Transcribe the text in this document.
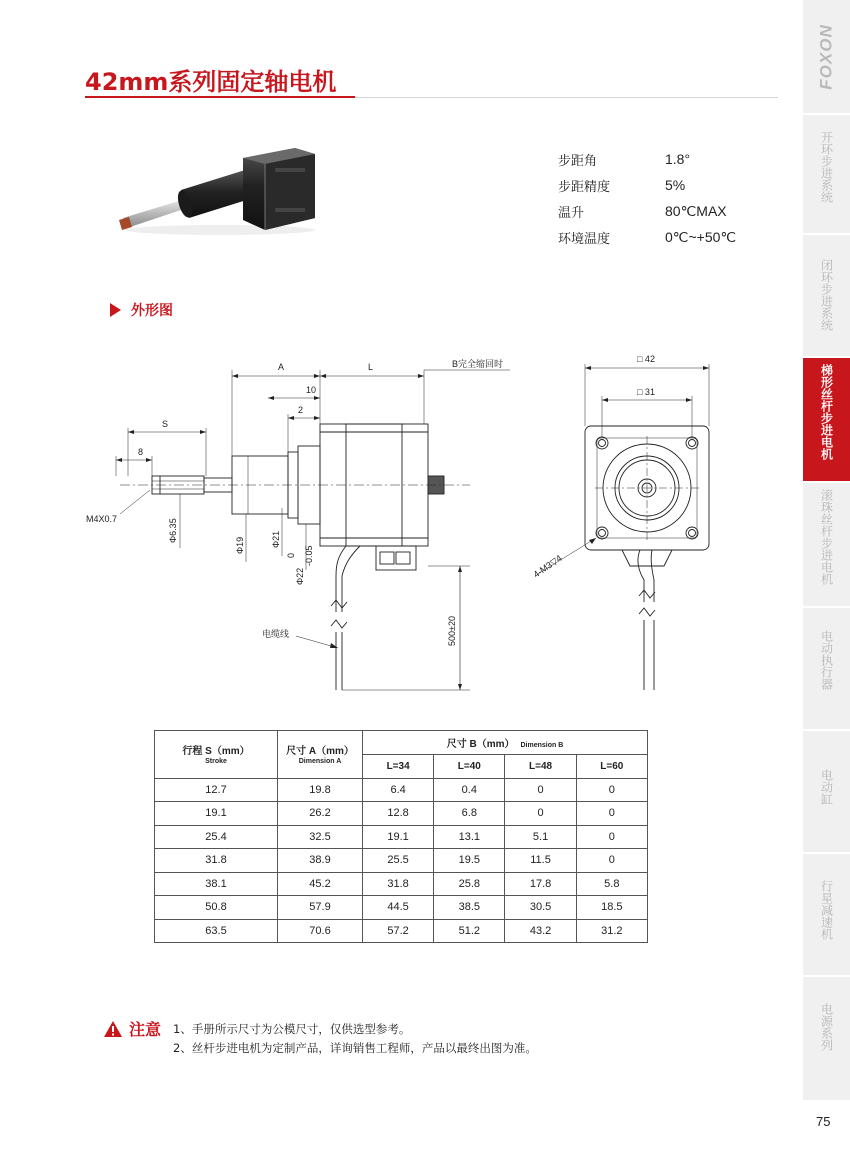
42mm系列固定轴电机
步距角	1.8°
步距精度	5%
温升	80℃MAX
环境温度	0℃~+50℃
外形图
A	L	B完全缩回时
10
2
S
8
M4X0.7	Φ6.35
Φ19	Φ21
Φ22
0 -0.05
电缆线	500±20
□ 42
□ 31
4-M3▽4
行程 S（mm）
Stroke	尺寸 A（mm）
Dimension A	尺寸 B（mm） Dimension B			
		L=34	L=40	L=48	L=60
12.7	19.8	6.4	0.4	0	0
19.1	26.2	12.8	6.8	0	0
25.4	32.5	19.1	13.1	5.1	0
31.8	38.9	25.5	19.5	11.5	0
38.1	45.2	31.8	25.8	17.8	5.8
50.8	57.9	44.5	38.5	30.5	18.5
63.5	70.6	57.2	51.2	43.2	31.2
注意 1、手册所示尺寸为公模尺寸，仅供选型参考。
2、丝杆步进电机为定制产品，详询销售工程师，产品以最终出图为准。
FOXON
开环步进系统
闭环步进系统
梯形丝杆步进电机
滚珠丝杆步进电机
电动执行器
电动缸
行星减速机
电源系列
75
